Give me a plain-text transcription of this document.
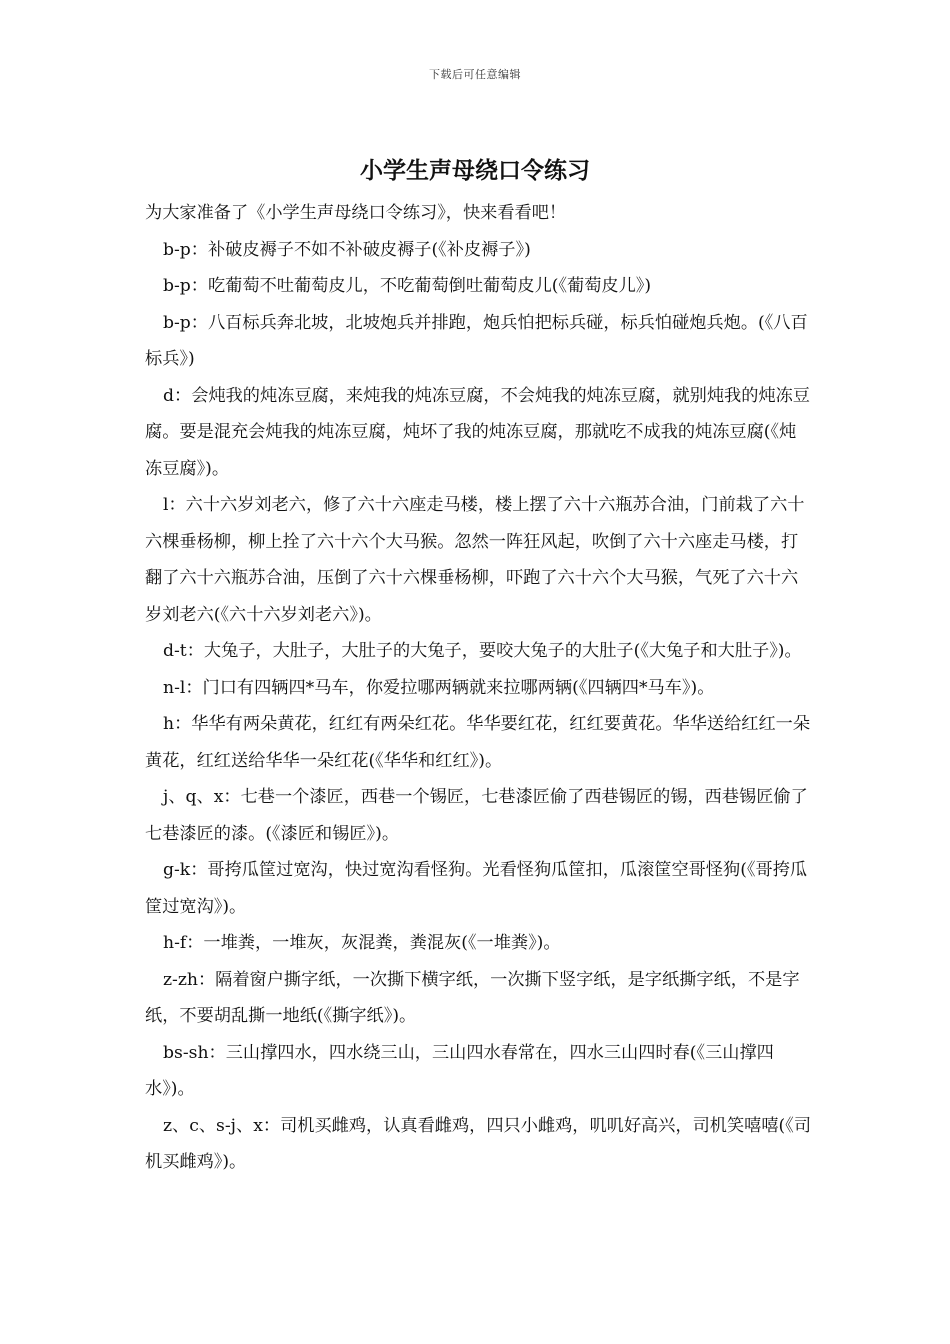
下载后可任意编辑
小学生声母绕口令练习

为大家准备了《小学生声母绕口令练习》，快来看看吧！

b-p：补破皮褥子不如不补破皮褥子(《补皮褥子》)

b-p：吃葡萄不吐葡萄皮儿，不吃葡萄倒吐葡萄皮儿(《葡萄皮儿》)

b-p：八百标兵奔北坡，北坡炮兵并排跑，炮兵怕把标兵碰，标兵怕碰炮兵炮。(《八百标兵》)

d：会炖我的炖冻豆腐，来炖我的炖冻豆腐，不会炖我的炖冻豆腐，就别炖我的炖冻豆腐。要是混充会炖我的炖冻豆腐，炖坏了我的炖冻豆腐，那就吃不成我的炖冻豆腐(《炖冻豆腐》)。

l：六十六岁刘老六，修了六十六座走马楼，楼上摆了六十六瓶苏合油，门前栽了六十六棵垂杨柳，柳上拴了六十六个大马猴。忽然一阵狂风起，吹倒了六十六座走马楼，打翻了六十六瓶苏合油，压倒了六十六棵垂杨柳，吓跑了六十六个大马猴，气死了六十六岁刘老六(《六十六岁刘老六》)。

d-t：大兔子，大肚子，大肚子的大兔子，要咬大兔子的大肚子(《大兔子和大肚子》)。

n-l：门口有四辆四*马车，你爱拉哪两辆就来拉哪两辆(《四辆四*马车》)。

h：华华有两朵黄花，红红有两朵红花。华华要红花，红红要黄花。华华送给红红一朵黄花，红红送给华华一朵红花(《华华和红红》)。

j、q、x：七巷一个漆匠，西巷一个锡匠，七巷漆匠偷了西巷锡匠的锡，西巷锡匠偷了七巷漆匠的漆。(《漆匠和锡匠》)。

g-k：哥挎瓜筐过宽沟，快过宽沟看怪狗。光看怪狗瓜筐扣，瓜滚筐空哥怪狗(《哥挎瓜筐过宽沟》)。

h-f：一堆粪，一堆灰，灰混粪，粪混灰(《一堆粪》)。

z-zh：隔着窗户撕字纸，一次撕下横字纸，一次撕下竖字纸，是字纸撕字纸，不是字纸，不要胡乱撕一地纸(《撕字纸》)。

bs-sh：三山撑四水，四水绕三山，三山四水春常在，四水三山四时春(《三山撑四水》)。

z、c、s-j、x：司机买雌鸡，认真看雌鸡，四只小雌鸡，叽叽好高兴，司机笑嘻嘻(《司机买雌鸡》)。
